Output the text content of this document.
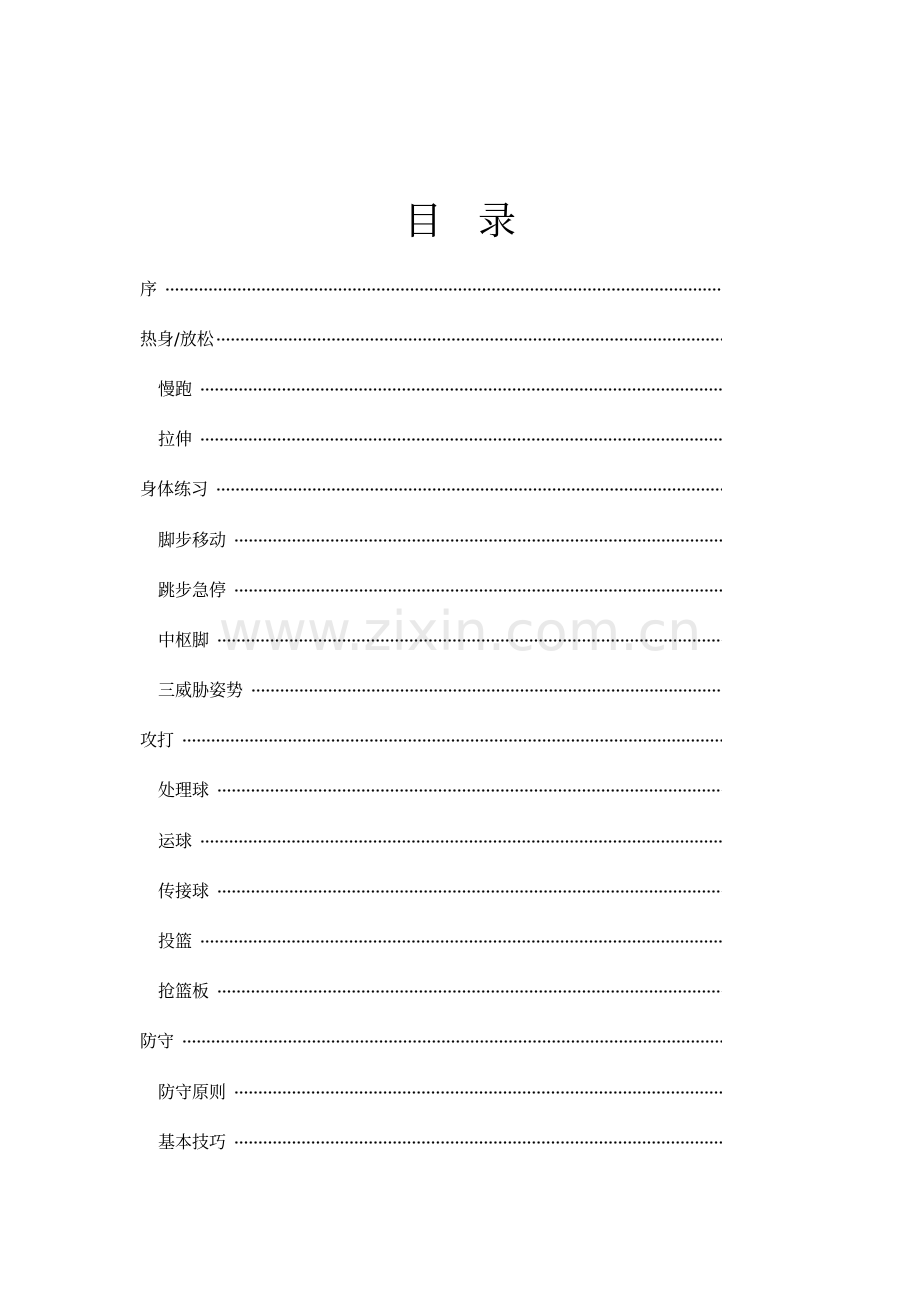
目录
序
热身/放松
慢跑
拉伸
身体练习
脚步移动
跳步急停
中枢脚
三威胁姿势
攻打
处理球
运球
传接球
投篮
抢篮板
防守
防守原则
基本技巧
www.zixin.com.cn
